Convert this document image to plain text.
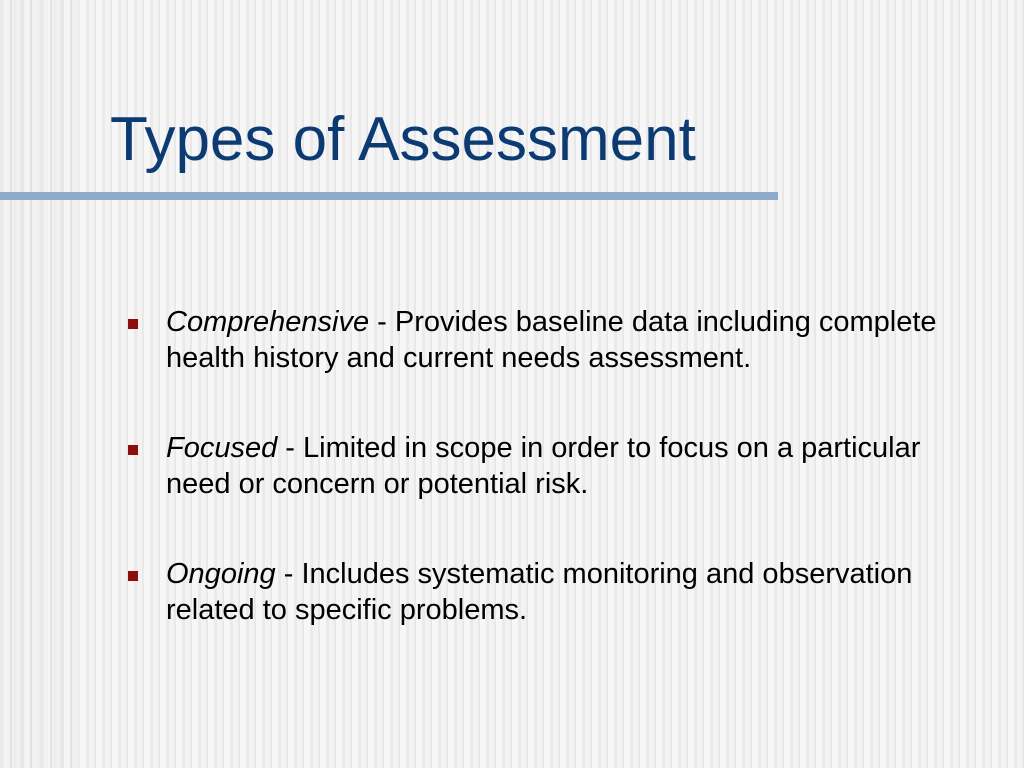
Types of Assessment
Comprehensive - Provides baseline data including complete health history and current needs assessment.
Focused - Limited in scope in order to focus on a particular need or concern or potential risk.
Ongoing - Includes systematic monitoring and observation related to specific problems.
